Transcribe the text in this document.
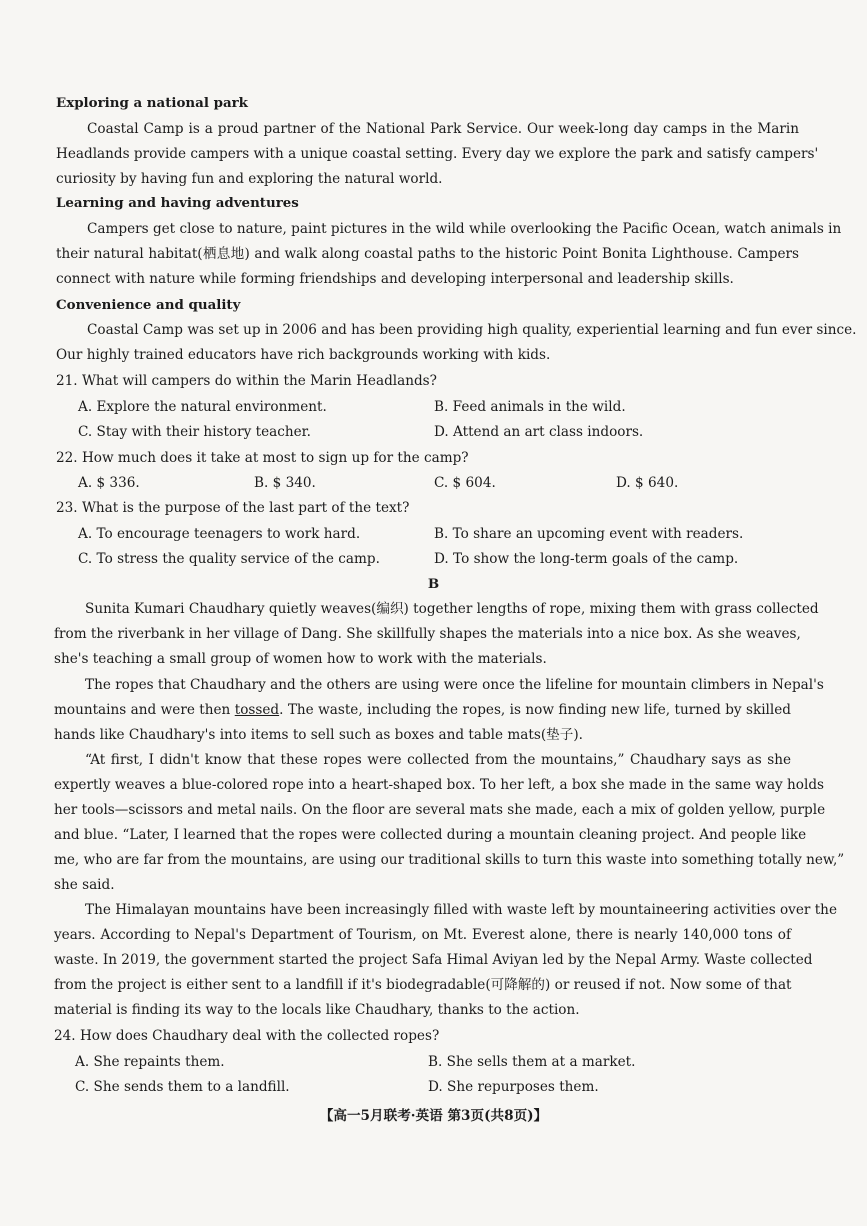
Exploring a national park
Coastal Camp is a proud partner of the National Park Service. Our week-long day camps in the Marin
Headlands provide campers with a unique coastal setting. Every day we explore the park and satisfy campers'
curiosity by having fun and exploring the natural world.
Learning and having adventures
Campers get close to nature, paint pictures in the wild while overlooking the Pacific Ocean, watch animals in
their natural habitat(栖息地) and walk along coastal paths to the historic Point Bonita Lighthouse. Campers
connect with nature while forming friendships and developing interpersonal and leadership skills.
Convenience and quality
Coastal Camp was set up in 2006 and has been providing high quality, experiential learning and fun ever since.
Our highly trained educators have rich backgrounds working with kids.
21. What will campers do within the Marin Headlands?
A. Explore the natural environment.	B. Feed animals in the wild.
C. Stay with their history teacher.	D. Attend an art class indoors.
22. How much does it take at most to sign up for the camp?
A. $ 336.	B. $ 340.	C. $ 604.	D. $ 640.
23. What is the purpose of the last part of the text?
A. To encourage teenagers to work hard.	B. To share an upcoming event with readers.
C. To stress the quality service of the camp.	D. To show the long-term goals of the camp.
B
Sunita Kumari Chaudhary quietly weaves(编织) together lengths of rope, mixing them with grass collected
from the riverbank in her village of Dang. She skillfully shapes the materials into a nice box. As she weaves,
she's teaching a small group of women how to work with the materials.
The ropes that Chaudhary and the others are using were once the lifeline for mountain climbers in Nepal's
mountains and were then tossed. The waste, including the ropes, is now finding new life, turned by skilled
hands like Chaudhary's into items to sell such as boxes and table mats(垫子).
“At first, I didn't know that these ropes were collected from the mountains,” Chaudhary says as she
expertly weaves a blue-colored rope into a heart-shaped box. To her left, a box she made in the same way holds
her tools—scissors and metal nails. On the floor are several mats she made, each a mix of golden yellow, purple
and blue. “Later, I learned that the ropes were collected during a mountain cleaning project. And people like
me, who are far from the mountains, are using our traditional skills to turn this waste into something totally new,”
she said.
The Himalayan mountains have been increasingly filled with waste left by mountaineering activities over the
years. According to Nepal's Department of Tourism, on Mt. Everest alone, there is nearly 140,000 tons of
waste. In 2019, the government started the project Safa Himal Aviyan led by the Nepal Army. Waste collected
from the project is either sent to a landfill if it's biodegradable(可降解的) or reused if not. Now some of that
material is finding its way to the locals like Chaudhary, thanks to the action.
24. How does Chaudhary deal with the collected ropes?
A. She repaints them.	B. She sells them at a market.
C. She sends them to a landfill.	D. She repurposes them.
【高一5月联考·英语 第3页(共8页)】
